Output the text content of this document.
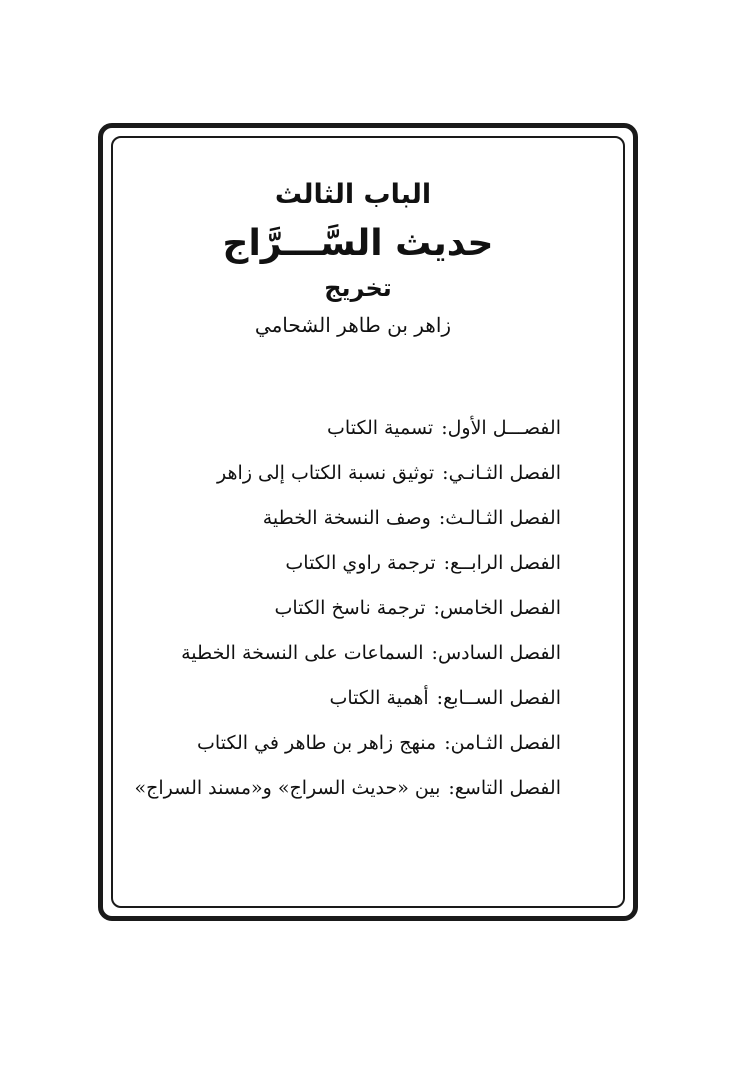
الباب الثالث
حديث السَّـــرَّاج
تخريج
زاهر بن طاهر الشحامي
الفصـــل الأول:تسمية الكتاب
الفصل الثـانـي:توثيق نسبة الكتاب إلى زاهر
الفصل الثـالـث:وصف النسخة الخطية
الفصل الرابــع:ترجمة راوي الكتاب
الفصل الخامس:ترجمة ناسخ الكتاب
الفصل السادس:السماعات على النسخة الخطية
الفصل الســابع:أهمية الكتاب
الفصل الثـامن:منهج زاهر بن طاهر في الكتاب
الفصل التاسع:بين «حديث السراج» و«مسند السراج»
